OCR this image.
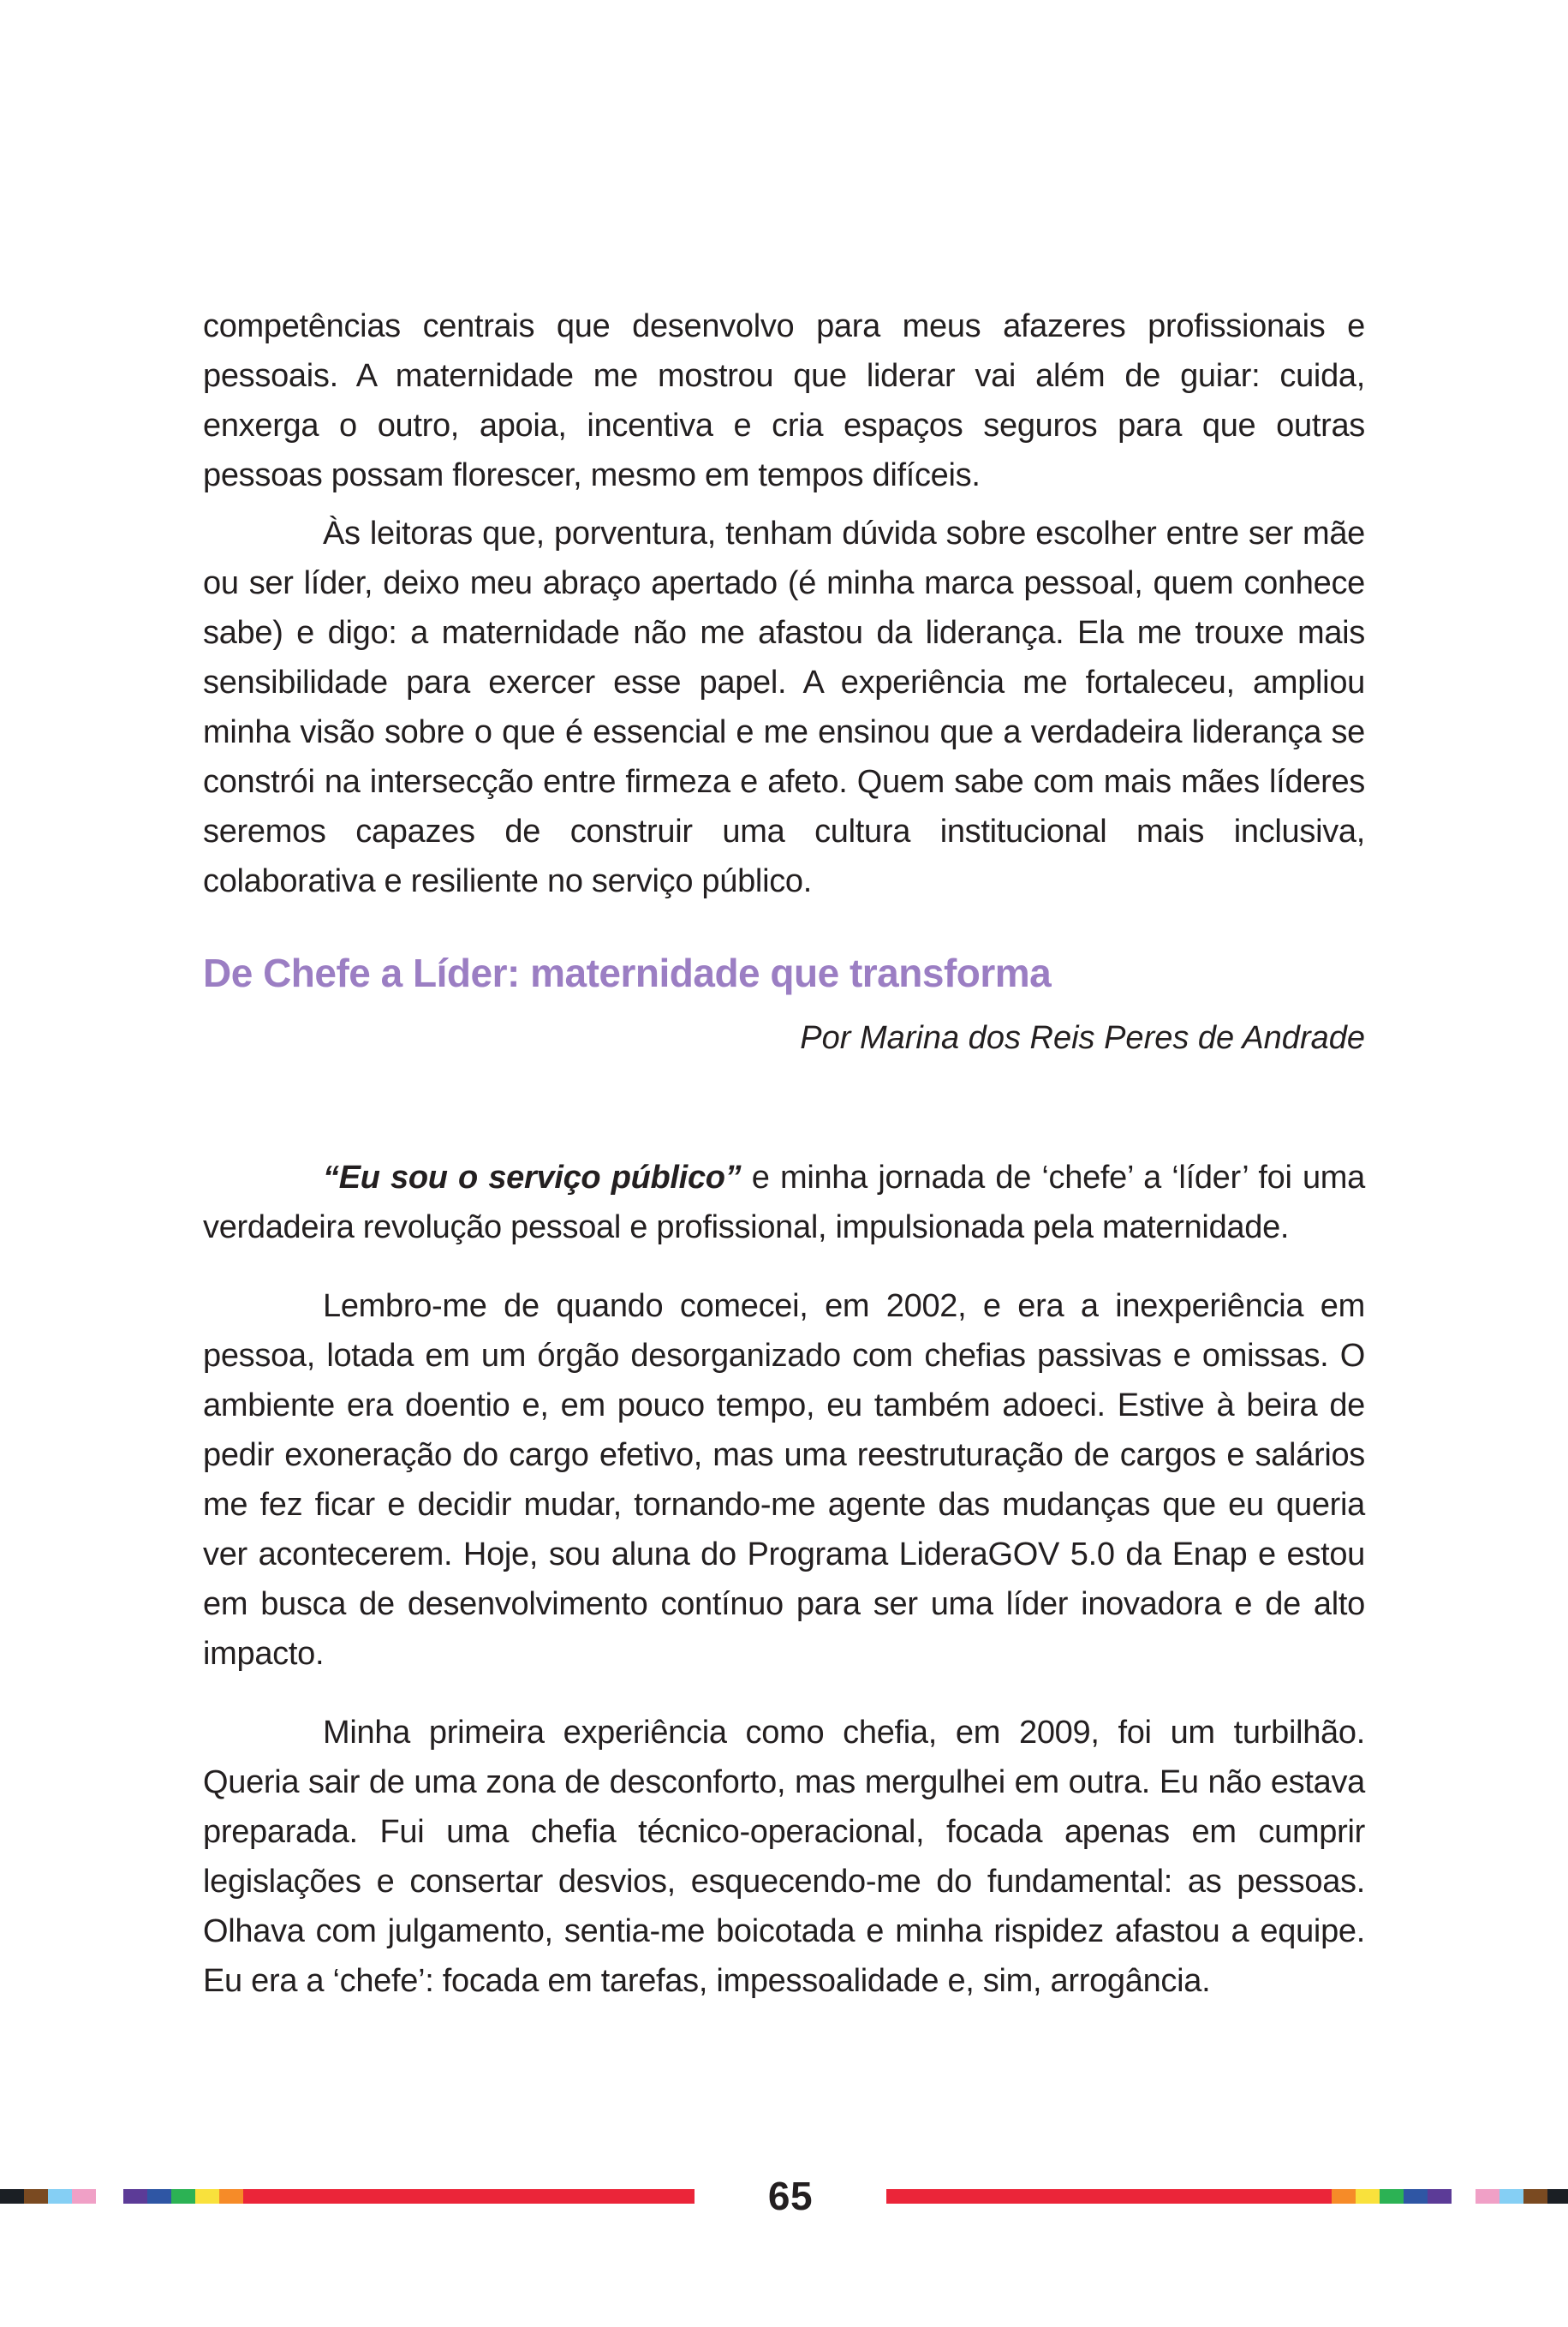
competências centrais que desenvolvo para meus afazeres profissionais e pessoais. A maternidade me mostrou que liderar vai além de guiar: cuida, enxerga o outro, apoia, incentiva e cria espaços seguros para que outras pessoas possam florescer, mesmo em tempos difíceis.

Às leitoras que, porventura, tenham dúvida sobre escolher entre ser mãe ou ser líder, deixo meu abraço apertado (é minha marca pessoal, quem conhece sabe) e digo: a maternidade não me afastou da liderança. Ela me trouxe mais sensibilidade para exercer esse papel. A experiência me fortaleceu, ampliou minha visão sobre o que é essencial e me ensinou que a verdadeira liderança se constrói na intersecção entre firmeza e afeto. Quem sabe com mais mães líderes seremos capazes de construir uma cultura institucional mais inclusiva, colaborativa e resiliente no serviço público.

De Chefe a Líder: maternidade que transforma

Por Marina dos Reis Peres de Andrade

“Eu sou o serviço público” e minha jornada de ‘chefe’ a ‘líder’ foi uma verdadeira revolução pessoal e profissional, impulsionada pela maternidade.

Lembro-me de quando comecei, em 2002, e era a inexperiência em pessoa, lotada em um órgão desorganizado com chefias passivas e omissas. O ambiente era doentio e, em pouco tempo, eu também adoeci. Estive à beira de pedir exoneração do cargo efetivo, mas uma reestruturação de cargos e salários me fez ficar e decidir mudar, tornando-me agente das mudanças que eu queria ver acontecerem. Hoje, sou aluna do Programa LideraGOV 5.0 da Enap e estou em busca de desenvolvimento contínuo para ser uma líder inovadora e de alto impacto.

Minha primeira experiência como chefia, em 2009, foi um turbilhão. Queria sair de uma zona de desconforto, mas mergulhei em outra. Eu não estava preparada. Fui uma chefia técnico-operacional, focada apenas em cumprir legislações e consertar desvios, esquecendo-me do fundamental: as pessoas. Olhava com julgamento, sentia-me boicotada e minha rispidez afastou a equipe. Eu era a ‘chefe’: focada em tarefas, impessoalidade e, sim, arrogância.

65
